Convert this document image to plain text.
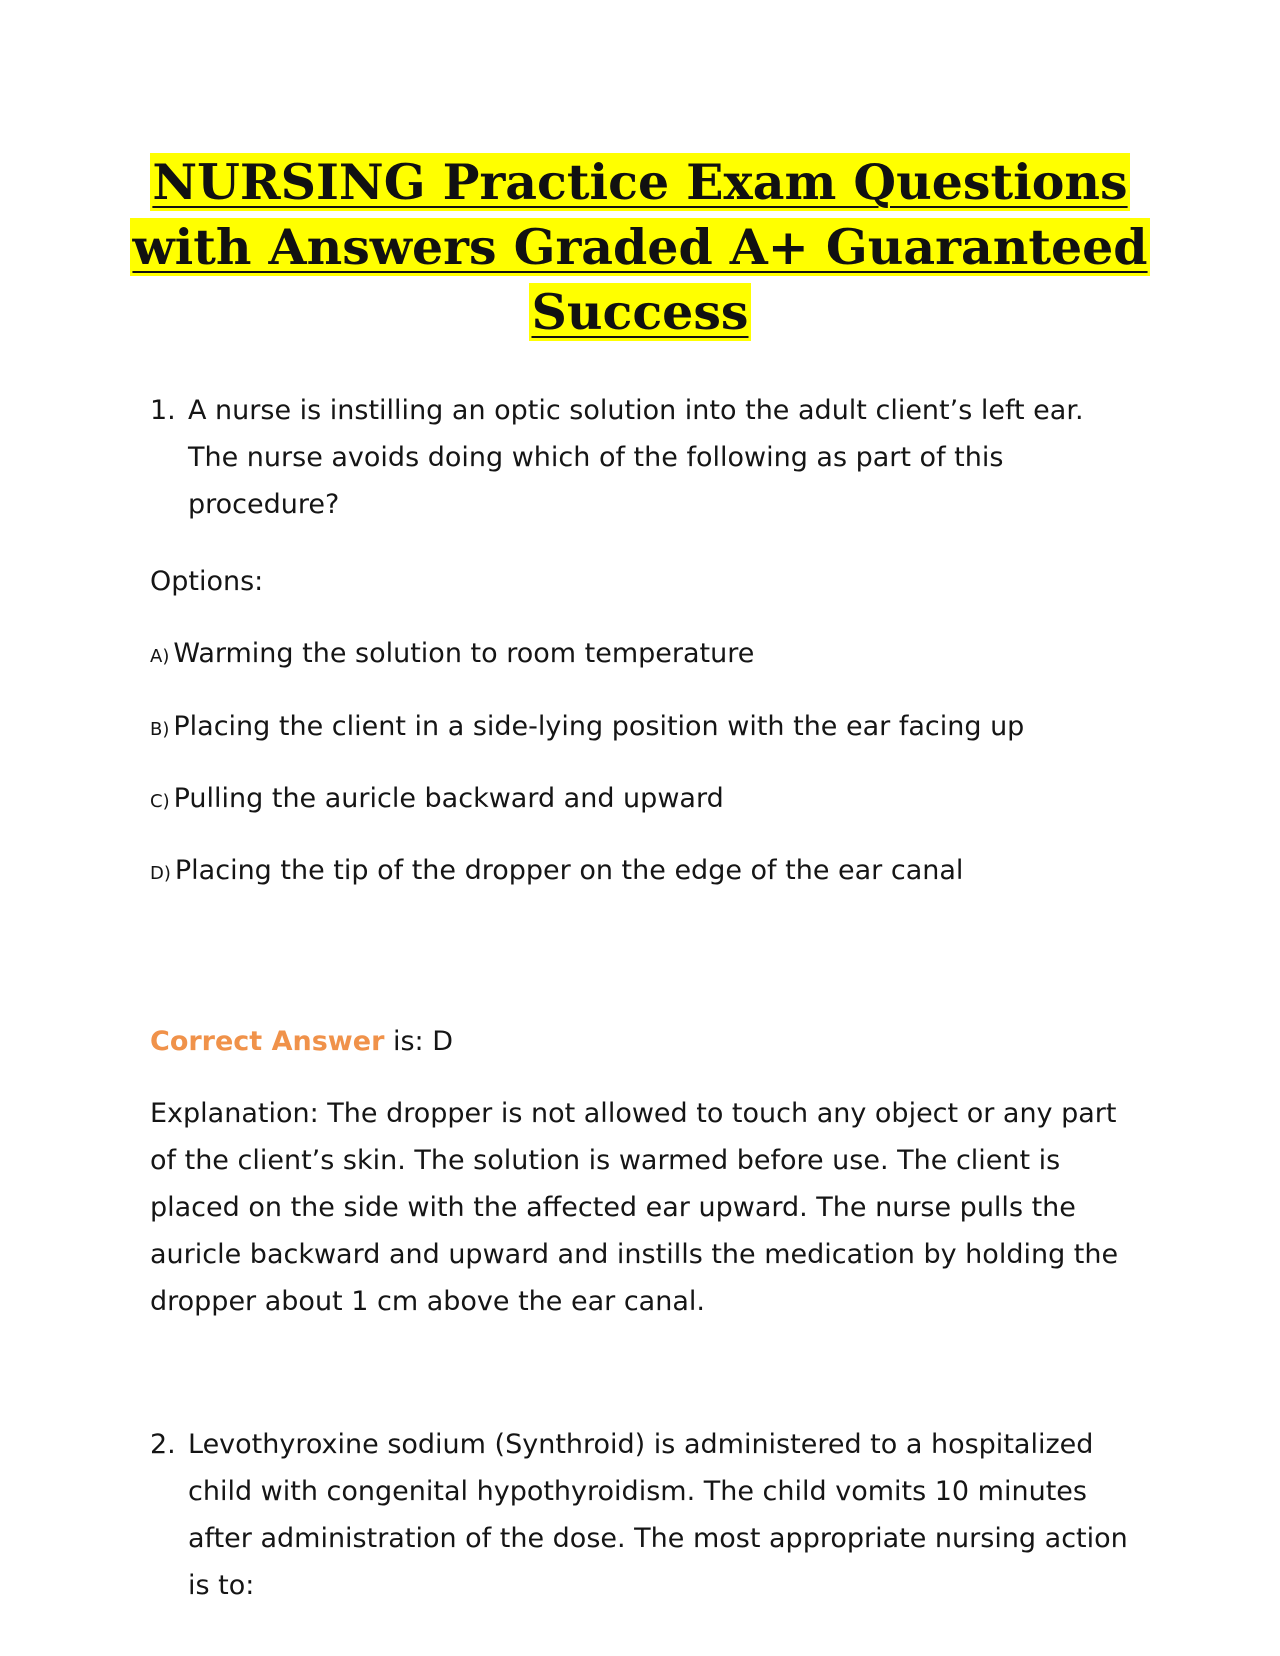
NURSING Practice Exam Questions
with Answers Graded A+ Guaranteed
Success
1. A nurse is instilling an optic solution into the adult client’s left ear. The nurse avoids doing which of the following as part of this procedure?
Options:
A) Warming the solution to room temperature
B) Placing the client in a side-lying position with the ear facing up
C) Pulling the auricle backward and upward
D) Placing the tip of the dropper on the edge of the ear canal
Correct Answer is: D
Explanation: The dropper is not allowed to touch any object or any part of the client’s skin. The solution is warmed before use. The client is placed on the side with the affected ear upward. The nurse pulls the auricle backward and upward and instills the medication by holding the dropper about 1 cm above the ear canal.
2. Levothyroxine sodium (Synthroid) is administered to a hospitalized child with congenital hypothyroidism. The child vomits 10 minutes after administration of the dose. The most appropriate nursing action is to:
